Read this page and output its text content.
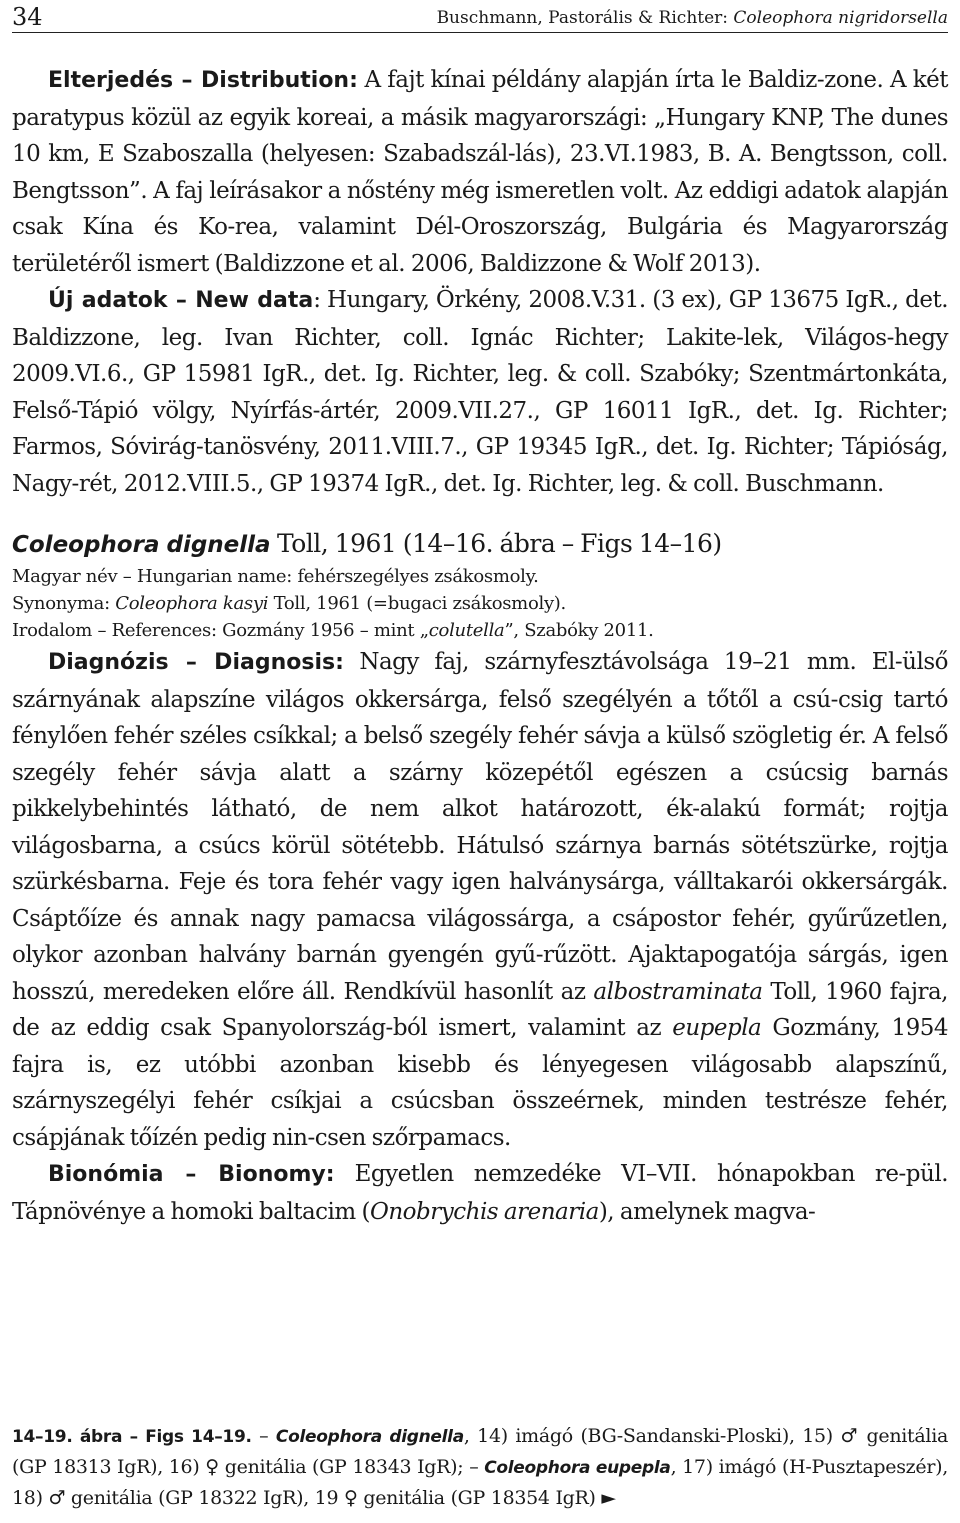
34	Buschmann, Pastorális & Richter: Coleophora nigridorsella

Elterjedés – Distribution: A fajt kínai példány alapján írta le Baldiz-zone. A két paratypus közül az egyik koreai, a másik magyarországi: „Hungary KNP, The dunes 10 km, E Szaboszalla (helyesen: Szabadszál-lás), 23.VI.1983, B. A. Bengtsson, coll. Bengtsson”. A faj leírásakor a nőstény még ismeretlen volt. Az eddigi adatok alapján csak Kína és Ko-rea, valamint Dél-Oroszország, Bulgária és Magyarország területéről ismert (Baldizzone et al. 2006, Baldizzone & Wolf 2013).

Új adatok – New data: Hungary, Örkény, 2008.V.31. (3 ex), GP 13675 IgR., det. Baldizzone, leg. Ivan Richter, coll. Ignác Richter; Lakite-lek, Világos-hegy 2009.VI.6., GP 15981 IgR., det. Ig. Richter, leg. & coll. Szabóky; Szentmártonkáta, Felső-Tápió völgy, Nyírfás-ártér, 2009.VII.27., GP 16011 IgR., det. Ig. Richter; Farmos, Sóvirág-tanösvény, 2011.VIII.7., GP 19345 IgR., det. Ig. Richter; Tápióság, Nagy-rét, 2012.VIII.5., GP 19374 IgR., det. Ig. Richter, leg. & coll. Buschmann.

Coleophora dignella Toll, 1961 (14–16. ábra – Figs 14–16)

Magyar név – Hungarian name: fehérszegélyes zsákosmoly.

Synonyma: Coleophora kasyi Toll, 1961 (=bugaci zsákosmoly).

Irodalom – References: Gozmány 1956 – mint „colutella”, Szabóky 2011.

Diagnózis – Diagnosis: Nagy faj, szárnyfesztávolsága 19–21 mm. El-ülső szárnyának alapszíne világos okkersárga, felső szegélyén a tőtől a csú-csig tartó fénylően fehér széles csíkkal; a belső szegély fehér sávja a külső szögletig ér. A felső szegély fehér sávja alatt a szárny közepétől egészen a csúcsig barnás pikkelybehintés látható, de nem alkot határozott, ék-alakú formát; rojtja világosbarna, a csúcs körül sötétebb. Hátulsó szárnya barnás sötétszürke, rojtja szürkésbarna. Feje és tora fehér vagy igen halványsárga, válltakarói okkersárgák. Csáptőíze és annak nagy pamacsa világossárga, a csápostor fehér, gyűrűzetlen, olykor azonban halvány barnán gyengén gyű-rűzött. Ajaktapogatója sárgás, igen hosszú, meredeken előre áll. Rendkívül hasonlít az albostraminata Toll, 1960 fajra, de az eddig csak Spanyolország-ból ismert, valamint az eupepla Gozmány, 1954 fajra is, ez utóbbi azonban kisebb és lényegesen világosabb alapszínű, szárnyszegélyi fehér csíkjai a csúcsban összeérnek, minden testrésze fehér, csápjának tőízén pedig nin-csen szőrpamacs.

Bionómia – Bionomy: Egyetlen nemzedéke VI–VII. hónapokban re-pül. Tápnövénye a homoki baltacim (Onobrychis arenaria), amelynek magva-

14–19. ábra – Figs 14–19. – Coleophora dignella, 14) imágó (BG-Sandanski-Ploski), 15) ♂ genitália (GP 18313 IgR), 16) ♀ genitália (GP 18343 IgR); – Coleophora eupepla, 17) imágó (H-Pusztapeszér), 18) ♂ genitália (GP 18322 IgR), 19 ♀ genitália (GP 18354 IgR) ►
